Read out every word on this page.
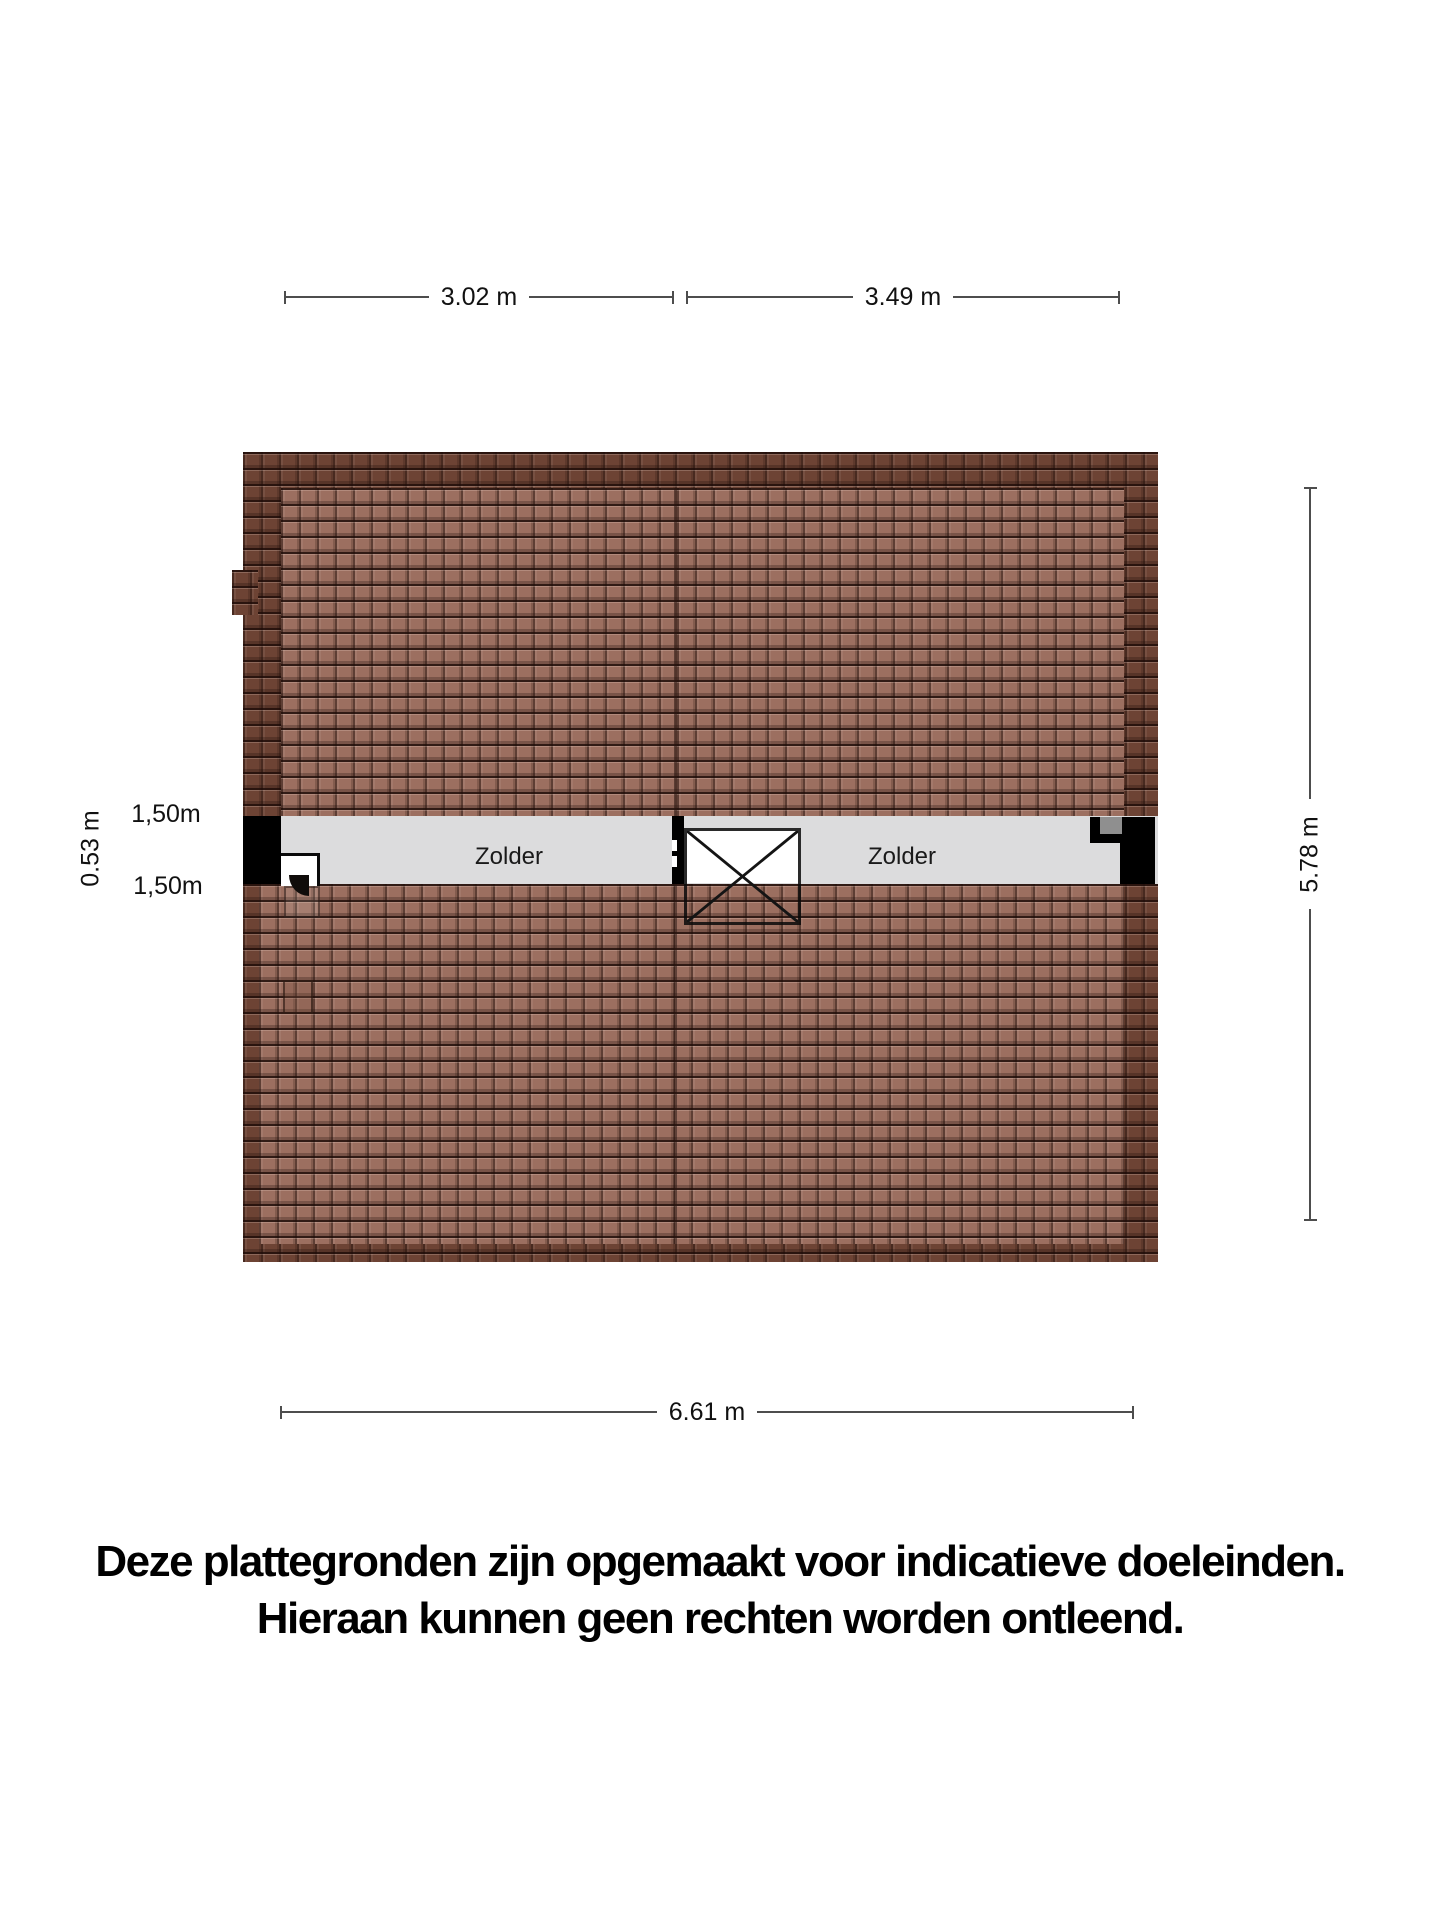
3.02 m	3.49 m
0.53 m	1,50m
1,50m	5.78 m
6.61 m
Zolder	Zolder
Deze plattegronden zijn opgemaakt voor indicatieve doeleinden.
Hieraan kunnen geen rechten worden ontleend.
